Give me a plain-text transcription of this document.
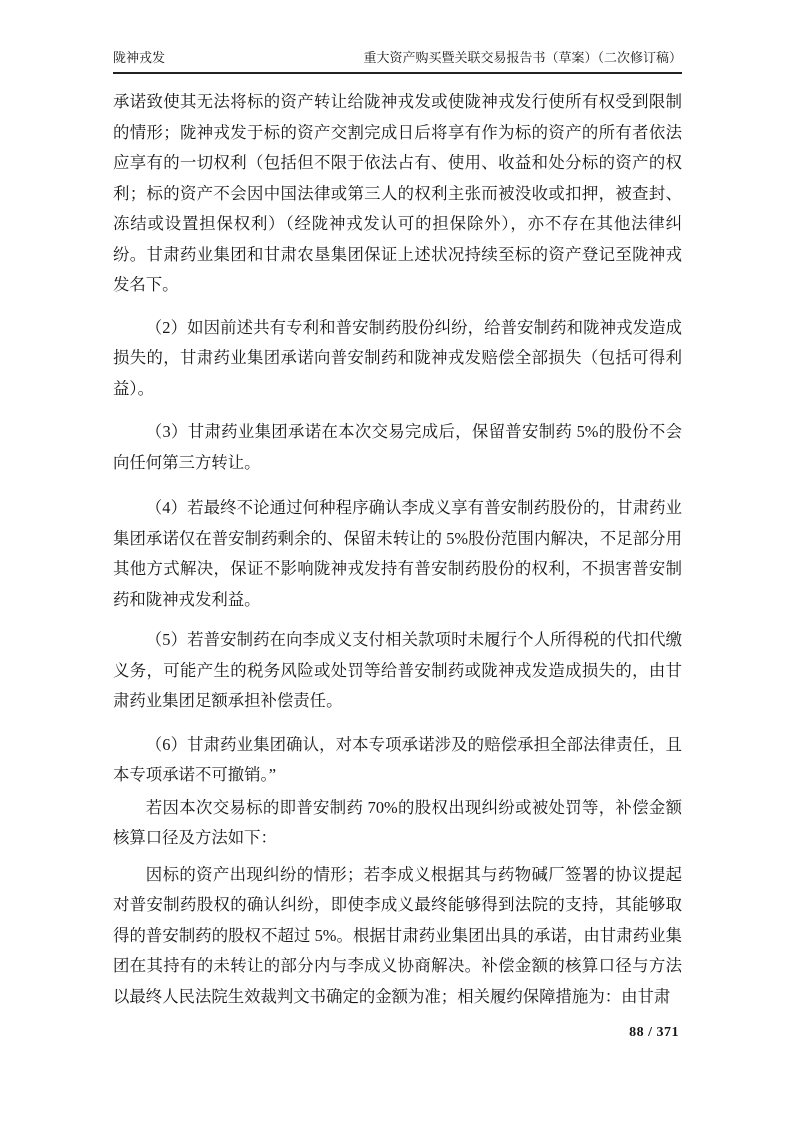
陇神戎发	重大资产购买暨关联交易报告书（草案）（二次修订稿）

承诺致使其无法将标的资产转让给陇神戎发或使陇神戎发行使所有权受到限制的情形；陇神戎发于标的资产交割完成日后将享有作为标的资产的所有者依法应享有的一切权利（包括但不限于依法占有、使用、收益和处分标的资产的权利；标的资产不会因中国法律或第三人的权利主张而被没收或扣押，被查封、冻结或设置担保权利）（经陇神戎发认可的担保除外），亦不存在其他法律纠纷。甘肃药业集团和甘肃农垦集团保证上述状况持续至标的资产登记至陇神戎发名下。

（2）如因前述共有专利和普安制药股份纠纷，给普安制药和陇神戎发造成损失的，甘肃药业集团承诺向普安制药和陇神戎发赔偿全部损失（包括可得利益）。

（3）甘肃药业集团承诺在本次交易完成后，保留普安制药 5%的股份不会向任何第三方转让。

（4）若最终不论通过何种程序确认李成义享有普安制药股份的，甘肃药业集团承诺仅在普安制药剩余的、保留未转让的 5%股份范围内解决，不足部分用其他方式解决，保证不影响陇神戎发持有普安制药股份的权利，不损害普安制药和陇神戎发利益。

（5）若普安制药在向李成义支付相关款项时未履行个人所得税的代扣代缴义务，可能产生的税务风险或处罚等给普安制药或陇神戎发造成损失的，由甘肃药业集团足额承担补偿责任。

（6）甘肃药业集团确认，对本专项承诺涉及的赔偿承担全部法律责任，且本专项承诺不可撤销。”

若因本次交易标的即普安制药 70%的股权出现纠纷或被处罚等，补偿金额核算口径及方法如下：

因标的资产出现纠纷的情形；若李成义根据其与药物碱厂签署的协议提起对普安制药股权的确认纠纷，即使李成义最终能够得到法院的支持，其能够取得的普安制药的股权不超过 5%。根据甘肃药业集团出具的承诺，由甘肃药业集团在其持有的未转让的部分内与李成义协商解决。补偿金额的核算口径与方法以最终人民法院生效裁判文书确定的金额为准；相关履约保障措施为：由甘肃

88 / 371
